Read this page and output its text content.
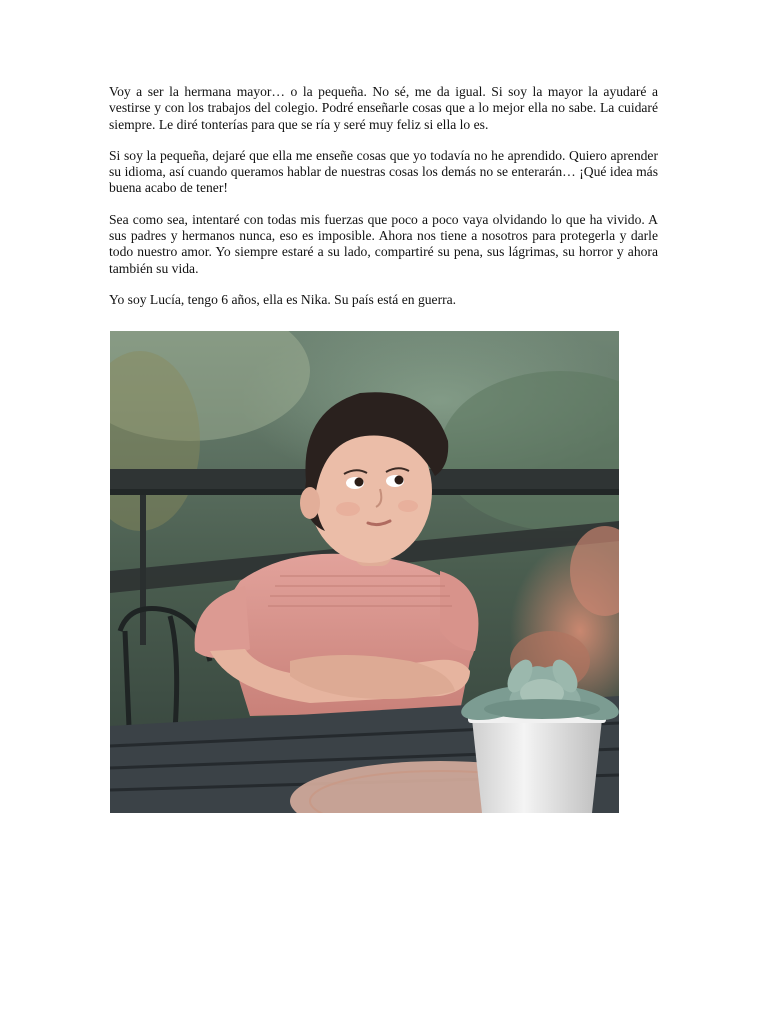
Voy a ser la hermana mayor… o la pequeña. No sé, me da igual. Si soy la mayor la ayudaré a vestirse y con los trabajos del colegio. Podré enseñarle cosas que a lo mejor ella no sabe. La cuidaré siempre. Le diré tonterías para que se ría y seré muy feliz si ella lo es.

Si soy la pequeña, dejaré que ella me enseñe cosas que yo todavía no he aprendido. Quiero aprender su idioma, así cuando queramos hablar de nuestras cosas los demás no se enterarán… ¡Qué idea más buena acabo de tener!

Sea como sea, intentaré con todas mis fuerzas que poco a poco vaya olvidando lo que ha vivido. A sus padres y hermanos nunca, eso es imposible. Ahora nos tiene a nosotros para protegerla y darle todo nuestro amor. Yo siempre estaré a su lado, compartiré su pena, sus lágrimas, su horror y ahora también su vida.

Yo soy Lucía, tengo 6 años, ella es Nika. Su país está en guerra.
